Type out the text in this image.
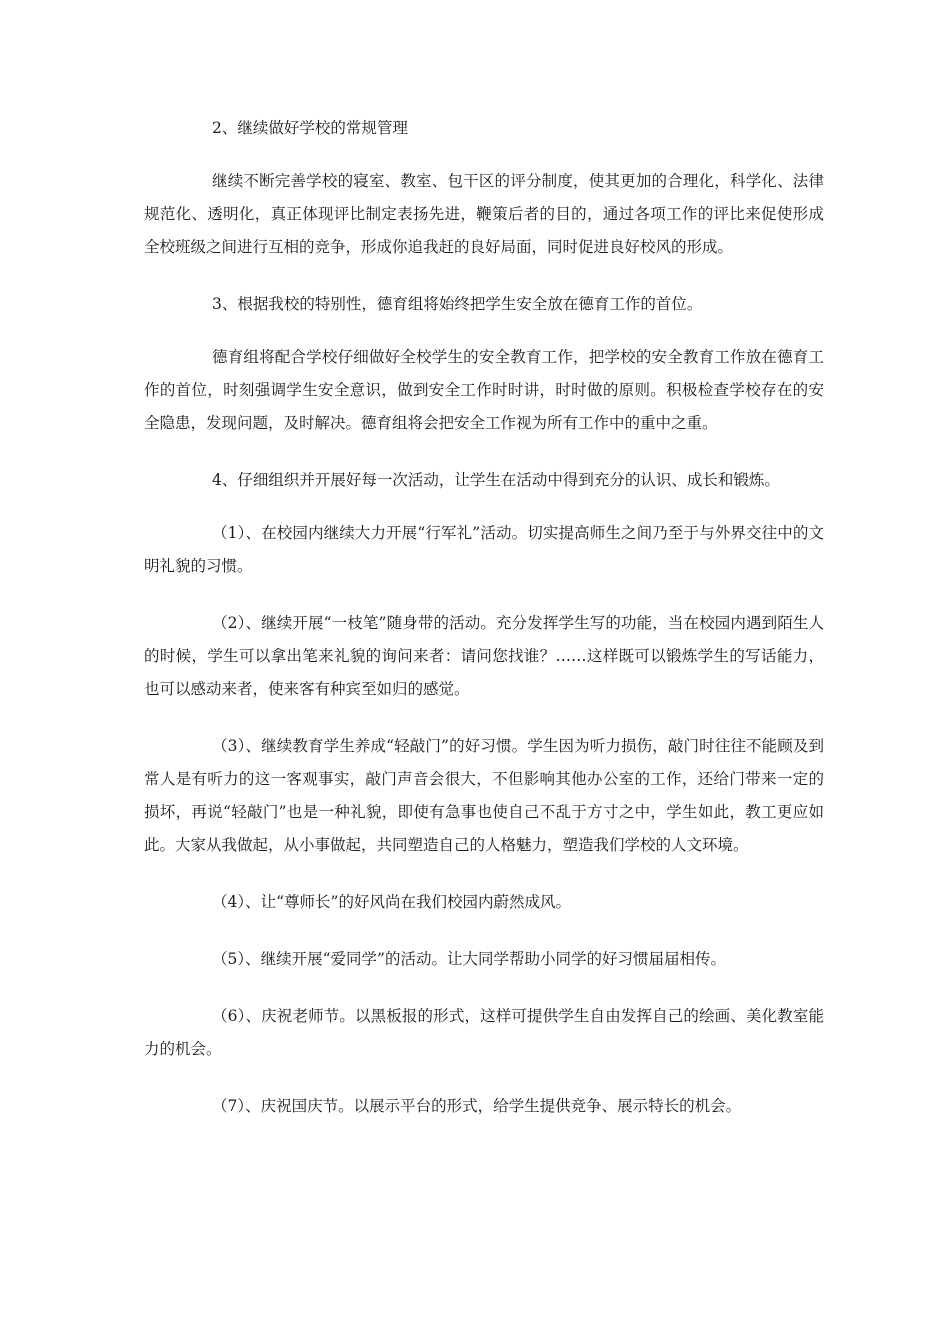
2、继续做好学校的常规管理

继续不断完善学校的寝室、教室、包干区的评分制度，使其更加的合理化，科学化、法律规范化、透明化，真正体现评比制定表扬先进，鞭策后者的目的，通过各项工作的评比来促使形成全校班级之间进行互相的竞争，形成你追我赶的良好局面，同时促进良好校风的形成。

3、根据我校的特别性，德育组将始终把学生安全放在德育工作的首位。

德育组将配合学校仔细做好全校学生的安全教育工作，把学校的安全教育工作放在德育工作的首位，时刻强调学生安全意识，做到安全工作时时讲，时时做的原则。积极检查学校存在的安全隐患，发现问题，及时解决。德育组将会把安全工作视为所有工作中的重中之重。

4、仔细组织并开展好每一次活动，让学生在活动中得到充分的认识、成长和锻炼。

（1）、在校园内继续大力开展“行军礼”活动。切实提高师生之间乃至于与外界交往中的文明礼貌的习惯。

（2）、继续开展“一枝笔”随身带的活动。充分发挥学生写的功能，当在校园内遇到陌生人的时候，学生可以拿出笔来礼貌的询问来者：请问您找谁？……这样既可以锻炼学生的写话能力，也可以感动来者，使来客有种宾至如归的感觉。

（3）、继续教育学生养成“轻敲门”的好习惯。学生因为听力损伤，敲门时往往不能顾及到常人是有听力的这一客观事实，敲门声音会很大，不但影响其他办公室的工作，还给门带来一定的损坏，再说“轻敲门”也是一种礼貌，即使有急事也使自己不乱于方寸之中，学生如此，教工更应如此。大家从我做起，从小事做起，共同塑造自己的人格魅力，塑造我们学校的人文环境。

（4）、让“尊师长”的好风尚在我们校园内蔚然成风。

（5）、继续开展“爱同学”的活动。让大同学帮助小同学的好习惯届届相传。

（6）、庆祝老师节。以黑板报的形式，这样可提供学生自由发挥自己的绘画、美化教室能力的机会。

（7）、庆祝国庆节。以展示平台的形式，给学生提供竞争、展示特长的机会。
